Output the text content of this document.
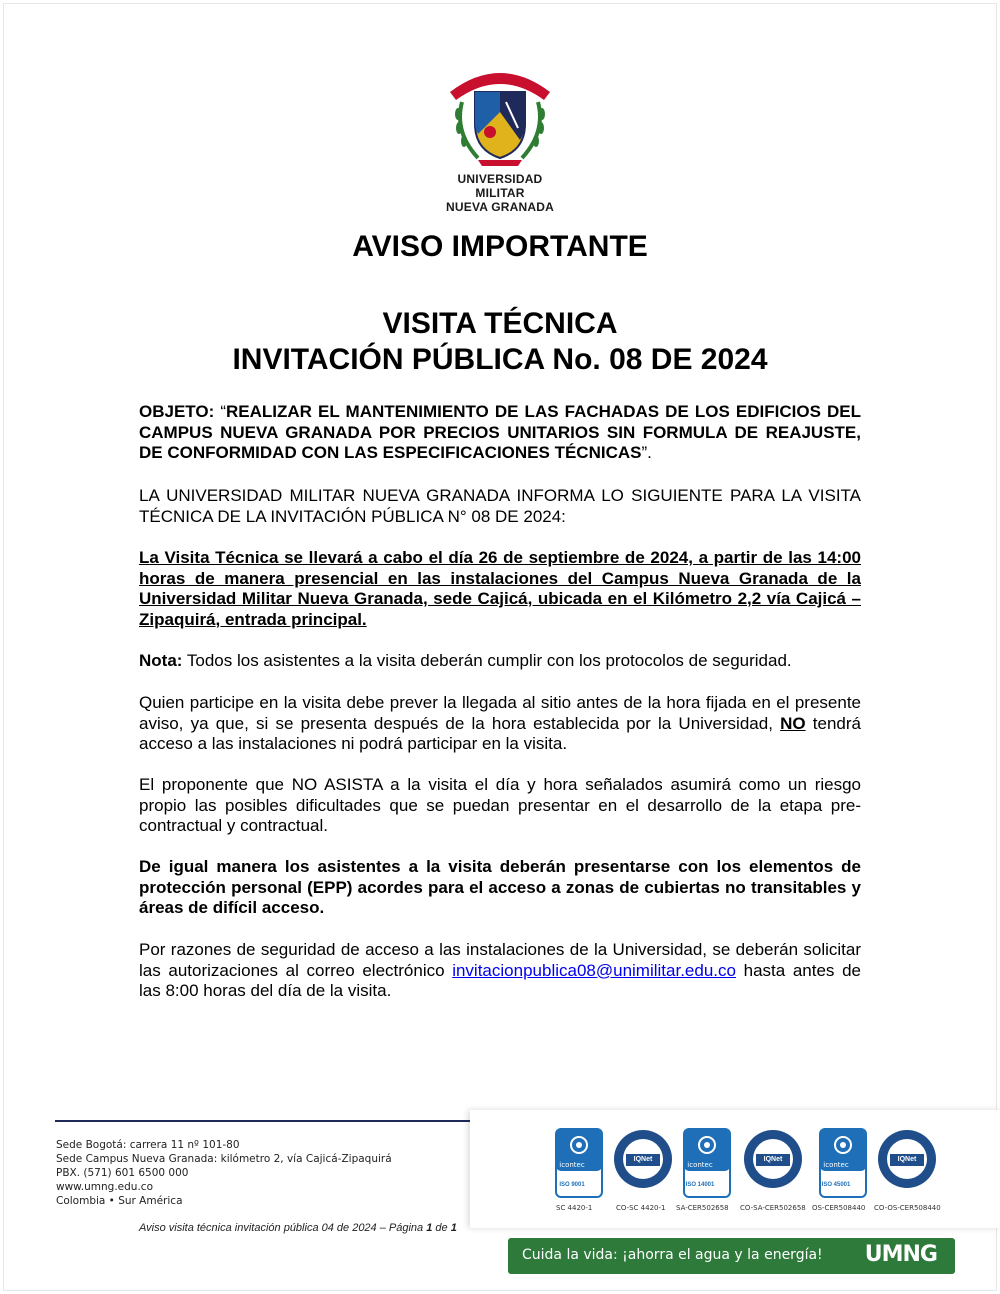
UNIVERSIDAD MILITAR
NUEVA GRANADA
AVISO IMPORTANTE
VISITA TÉCNICA
INVITACIÓN PÚBLICA No. 08 DE 2024
OBJETO: “REALIZAR EL MANTENIMIENTO DE LAS FACHADAS DE LOS EDIFICIOS DEL CAMPUS NUEVA GRANADA POR PRECIOS UNITARIOS SIN FORMULA DE REAJUSTE, DE CONFORMIDAD CON LAS ESPECIFICACIONES TÉCNICAS”.
LA UNIVERSIDAD MILITAR NUEVA GRANADA INFORMA LO SIGUIENTE PARA LA VISITA TÉCNICA DE LA INVITACIÓN PÚBLICA N° 08 DE 2024:
La Visita Técnica se llevará a cabo el día 26 de septiembre de 2024, a partir de las 14:00 horas de manera presencial en las instalaciones del Campus Nueva Granada de la Universidad Militar Nueva Granada, sede Cajicá, ubicada en el Kilómetro 2,2 vía Cajicá – Zipaquirá, entrada principal.
Nota: Todos los asistentes a la visita deberán cumplir con los protocolos de seguridad.
Quien participe en la visita debe prever la llegada al sitio antes de la hora fijada en el presente aviso, ya que, si se presenta después de la hora establecida por la Universidad, NO tendrá acceso a las instalaciones ni podrá participar en la visita.
El proponente que NO ASISTA a la visita el día y hora señalados asumirá como un riesgo propio las posibles dificultades que se puedan presentar en el desarrollo de la etapa pre-contractual y contractual.
De igual manera los asistentes a la visita deberán presentarse con los elementos de protección personal (EPP) acordes para el acceso a zonas de cubiertas no transitables y áreas de difícil acceso.
Por razones de seguridad de acceso a las instalaciones de la Universidad, se deberán solicitar las autorizaciones al correo electrónico invitacionpublica08@unimilitar.edu.co hasta antes de las 8:00 horas del día de la visita.
Sede Bogotá: carrera 11 nº 101-80
Sede Campus Nueva Granada: kilómetro 2, vía Cajicá-Zipaquirá
PBX. (571) 601 6500 000
www.umng.edu.co
Colombia • Sur América
icontec
ISO 9001
SC 4420-1
IQNet
CO-SC 4420-1
icontec
ISO 14001
SA-CER502658
IQNet
CO-SA-CER502658
icontec
ISO 45001
OS-CER508440
IQNet
CO-OS-CER508440
Aviso visita técnica invitación pública 04 de 2024 – Página 1 de 1
Cuida la vida: ¡ahorra el agua y la energía! UMNG
